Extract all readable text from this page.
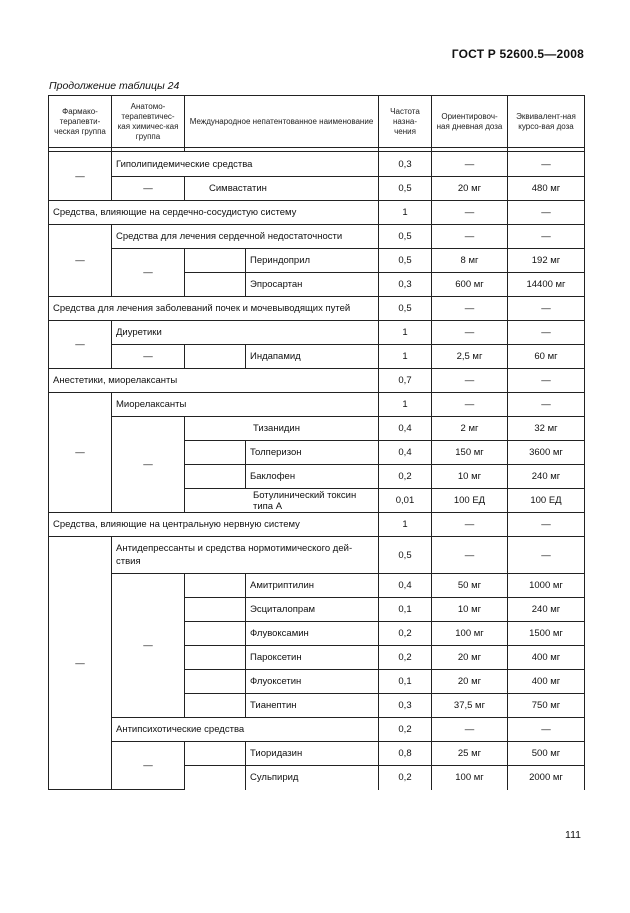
ГОСТ Р 52600.5—2008
Продолжение таблицы 24
Фармако-терапевти-ческая группа	Анатомо-терапевтичес-кая химичес-кая группа	Международное непатентованное наименование		Частота назна-чения	Ориентировоч-ная дневная доза	Эквивалент-ная курсо-вая доза

—	Гиполипидемические средства			0,3	—	—
	—	Симвастатин		0,5	20 мг	480 мг
Средства, влияющие на сердечно-сосудистую систему				1	—	—
—	Средства для лечения сердечной недостаточности			0,5	—	—
	—		Периндоприл	0,5	8 мг	192 мг
			Эпросартан	0,3	600 мг	14400 мг
Средства для лечения заболеваний почек и мочевыводящих путей				0,5	—	—
—	Диуретики			1	—	—
	—		Индапамид	1	2,5 мг	60 мг
Анестетики, миорелаксанты				0,7	—	—
—	Миорелаксанты			1	—	—
	—	Тизанидин		0,4	2 мг	32 мг
			Толперизон	0,4	150 мг	3600 мг
			Баклофен	0,2	10 мг	240 мг
		Ботулинический токсин типа А		0,01	100 ЕД	100 ЕД
Средства, влияющие на центральную нервную систему				1	—	—
—	Антидепрессанты и средства нормотимического дей-ствия			0,5	—	—
	—		Амитриптилин	0,4	50 мг	1000 мг
			Эсциталопрам	0,1	10 мг	240 мг
			Флувоксамин	0,2	100 мг	1500 мг
			Пароксетин	0,2	20 мг	400 мг
			Флуоксетин	0,1	20 мг	400 мг
			Тианептин	0,3	37,5 мг	750 мг
	Антипсихотические средства			0,2	—	—
	—		Тиоридазин	0,8	25 мг	500 мг
			Сульпирид	0,2	100 мг	2000 мг
111
